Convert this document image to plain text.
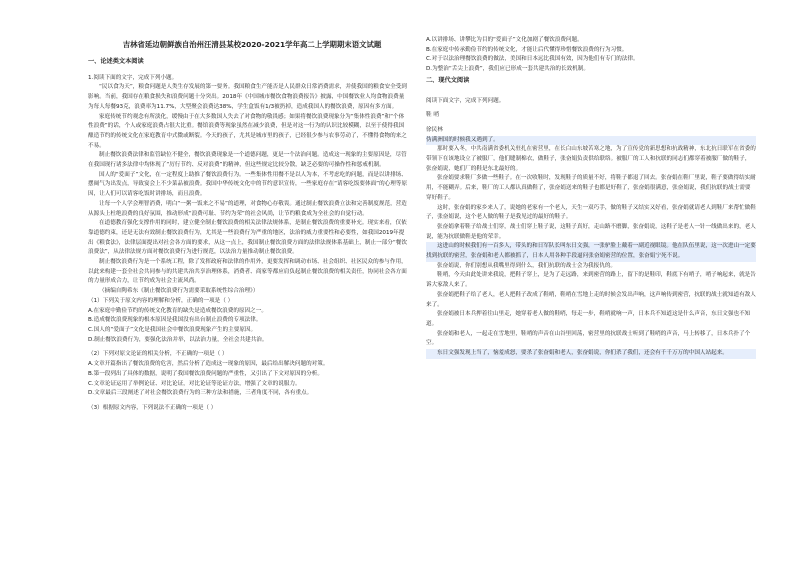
吉林省延边朝鲜族自治州汪清县某校2020-2021学年高二上学期期末语文试题
一、论述类文本阅读

1.阅读下面的文字，完成下列小题。

“民以食为天”，粮食问题是人类生存发展的第一要务。我国粮食生产能否是人民群众日常消费需求，并使我国的粮食安全受到影响。当前，我国存在粮食损失和浪费问题十分突出。2018年《中国城市餐饮食物浪费报告》披露，中国餐饮业人均食物浪费量为每人每餐93克，浪费率为11.7%，大型聚会浪费达38%，学生盒饭有1/3被扔掉，造成我国人的餐饮浪费，原因有多方面。

家庭传统节约观念有所淡化，缓慢由于在大多数国人失去了对食物的敬畏感；如果将餐饮浪费现象分为“集体性浪费”和“个体性浪费”的话，个人或家庭浪费占很大比重。餐馆浪费等现象虽然在减少浪费，但是对这一行为的认识比较模糊，以至于使得我国酿造节约的传统文化在家庭教育中式微或断裂。今天的孩子，尤其是城市里的孩子，已经很少参与农事劳动了，不懂得食物的来之不易。

制止餐饮浪费法律和监管缺位不健全，餐饮浪费现象是一个道德问题，更是一个法治问题。造成这一现象的主要原因是，尽管在我国现行诸多法律中均体现了“厉行节约、反对浪费”的精神，但这些规定比较分散，缺乏必要的可操作性和惩戒机制。

国人的“爱面子”文化，在一定程度上助推了餐饮浪费行为。一些集体性用餐不是以人为本，不考虑吃的问题，而是以讲排场、摆阔气为出发点，导致宴会上不少菜品被浪费。我国中华传统文化中的节约意识宣传，一些家庭存在“请客吃饭要体面”的心理等原因，让人们可以请客吃饭时讲排场，而且浪费。

让每一个人学会理智消费，明白“一粥一饭来之不易”的道理，对食物心存敬畏。通过制止餐饮浪费立法和完善制度规范，营造从源头上杜绝浪费的良好氛围，推动形成“浪费可耻、节约为荣”的社会风尚，让节约粮食成为全社会的自觉行动。

在道德教育强化支撑作用的同时，建立健全制止餐饮浪费的相关法律法规体系，是制止餐饮浪费的重要补充。现实来看，仅依靠道德约束，还是无法有效制止餐饮浪费行为，尤其是一些浪费行为严重的地区，法治的威力重要性和必要性，如我国2019年提出《粮食法》，法律层面提出对社会各方面的要求，从这一点上，我国制止餐饮浪费方面的法律法规体系基础上，制止一部分“餐饮浪费法”，从法律法规方面对餐饮浪费行为进行规范，以法治力量推动制止餐饮浪费。

制止餐饮浪费行为是一个系统工程，除了发挥政府和法律的作用外，更要发挥和调动市场、社会组织、社区民众的参与作用，以此来构建一套全社会共同参与的共建共治共享治理体系，消费者、商家等都应肩负起制止餐饮浪费的相关责任，协同社会各方面的力量形成合力，让节约成为社会主流风尚。

（摘编自陶希东《制止餐饮浪费行为需要采取系统性综合治理》）

（1）下列关于原文内容的理解和分析，正确的一项是（ ）

A.在家庭中勤俭节约的传统文化教育的缺失是造成餐饮浪费的原因之一。

B.造成餐饮浪费现象的根本原因是我国没有出台制止浪费的专项法律。

C.国人的“爱面子”文化是我国社会中餐饮浪费现象产生的主要原因。

D.制止餐饮浪费行为，要强化法治并举，以法治力量，全社会共建共治。

（2）下列对原文论证的相关分析，不正确的一项是（ ）

A.文章开篇指出了餐饮浪费的危害，然后分析了造成这一现象的原因，最后给出解决问题的对策。

B.第一段列出了具体的数据，说明了我国餐饮浪费问题的严重性，又引出了下文对原因的分析。

C.文章论证运用了举例论证、对比论证，对比论证等论证方法，增强了文章的说服力。

D.文章最后三段阐述了对社会餐饮浪费行为的三种方法和措施，三者角度不同，各有重点。

（3）根据原文内容，下列说法不正确的一项是（ ）

A.以讲排场、讲攀比为目的“爱面子”文化加剧了餐饮浪费问题。

B.在家庭中传承勤俭节约的传统文化，才能让后代懂得珍惜餐饮浪费的行为习惯。

C.对于以法治理餐饮浪费的做法，美国和日本远比我国有效，因为他们有专门的法律。

D.为整治“舌尖上浪费”，我们应已形成一套共建共治的长效机制。

二、现代文阅读

阅读下面文字，完成下列问题。

鞋 哨

徐民林

伪满洲国的时候我又遇到了。

那时要入冬，中共南满省委机关驻扎在密营里，在长白山东坡苦寒之地，为了宣传党的新思想和抗战精神，东北抗日联军在省委的带领下在该地设立了被服厂，他们缝制棉衣，做鞋子，张奋娟负责供给联络。被服厂的工人和抗联的同志们都穿着被服厂做的鞋子，张奋娟说，她们厂的鞋是东北最好的。

张奋娟要求鞋厂多做一些鞋子。在一次收鞋时，发现鞋子的质量不好，将鞋子都退了回去。张奋娟在鞋厂里说，鞋子要做得结实耐用，不能糊弄。后来，鞋厂的工人都认真做鞋了，张奋娟送来的鞋子也都是好鞋了，张奋娟很满意，张奋娟说，我们抗联的战士需要穿好鞋子。

这时，张奋娟的家乡来人了，说她的老家有一个老人，天生一双巧手，做的鞋子又结实又好看，张奋娟就请老人到鞋厂来帮忙做鞋子，张奋娟说，这个老人做的鞋子是我见过的最好的鞋子。

张奋娟拿着鞋子给战士们穿，战士们穿上鞋子说，这鞋子真好，走山路不磨脚，张奋娟说，这鞋子是老人一针一线做出来的，老人说，能为抗联做鞋是他的荣幸。

这进山的时候我们有一百多人，带头的和日军队长叫东日文强，一张驴脸上戴着一副近视眼镜。他在队伍里说，这一次进山一定要找到抗联的密营，张奋娟和老人都被抓了，日本人用各种手段逼问张奋娟密营的位置，张奋娟宁死不说。

张奋娟说，你们别想从我嘴里得到什么，我们抗联的战士会为我报仇的。

鞋哨，今天由此处讲来我说，把鞋子穿上，是为了走远路，来到密营的路上，留下的是鞋印，鞋底下有哨子，哨子响起来，就是告诉大家敌人来了。

张奋娟把鞋子给了老人，老人把鞋子改成了鞋哨，鞋哨在雪地上走的时候会发出声响，这声响传到密营，抗联的战士就知道有敌人来了。

张奋娟被日本兵押着往山里走，她穿着老人做的鞋哨，每走一步，鞋哨就响一声，日本兵不知道这是什么声音，东日文强也不知道。

张奋娟和老人，一起走在雪地里，鞋哨的声音在山谷里回荡，密营里的抗联战士听到了鞋哨的声音，马上转移了，日本兵扑了个空。

东日文强发现上当了，恼羞成怒，要杀了张奋娟和老人，张奋娟说，你们杀了我们，还会有千千万万的中国人站起来。
